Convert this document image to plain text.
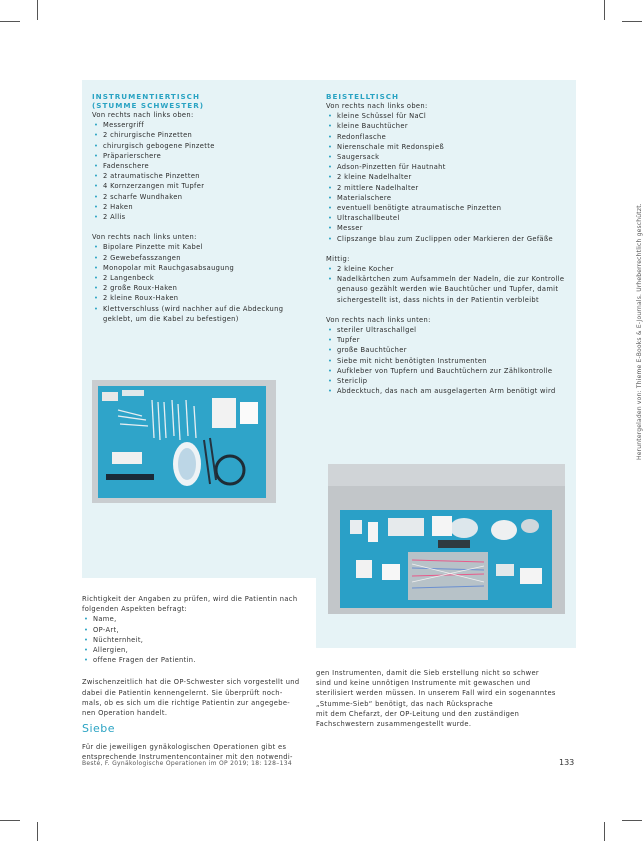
INSTRUMENTIERTISCH
(STUMME SCHWESTER)
Von rechts nach links oben:
• Messergriff
• 2 chirurgische Pinzetten
• chirurgisch gebogene Pinzette
• Präparierschere
• Fadenschere
• 2 atraumatische Pinzetten
• 4 Kornzerzangen mit Tupfer
• 2 scharfe Wundhaken
• 2 Haken
• 2 Allis
Von rechts nach links unten:
• Bipolare Pinzette mit Kabel
• 2 Gewebefasszangen
• Monopolar mit Rauchgasabsaugung
• 2 Langenbeck
• 2 große Roux-Haken
• 2 kleine Roux-Haken
• Klettverschluss (wird nachher auf die Abdeckung geklebt, um die Kabel zu befestigen)
BEISTELLTISCH
Von rechts nach links oben:
• kleine Schüssel für NaCl
• kleine Bauchtücher
• Redonflasche
• Nierenschale mit Redonspieß
• Saugersack
• Adson-Pinzetten für Hautnaht
• 2 kleine Nadelhalter
• 2 mittlere Nadelhalter
• Materialschere
• eventuell benötigte atraumatische Pinzetten
• Ultraschallbeutel
• Messer
• Clipszange blau zum Zuclippen oder Markieren der Gefäße
Mittig:
• 2 kleine Kocher
• Nadelkärtchen zum Aufsammeln der Nadeln, die zur Kontrolle genauso gezählt werden wie Bauchtücher und Tupfer, damit sichergestellt ist, dass nichts in der Patientin verbleibt
Von rechts nach links unten:
• steriler Ultraschallgel
• Tupfer
• große Bauchtücher
• Siebe mit nicht benötigten Instrumenten
• Aufkleber von Tupfern und Bauchtüchern zur Zählkontrolle
• Stericlip
• Abdecktuch, das nach am ausgelagerten Arm benötigt wird
Richtigkeit der Angaben zu prüfen, wird die Patientin nach
folgenden Aspekten befragt:
• Name,
• OP-Art,
• Nüchternheit,
• Allergien,
• offene Fragen der Patientin.
Zwischenzeitlich hat die OP-Schwester sich vorgestellt und
dabei die Patientin kennengelernt. Sie überprüft noch-
mals, ob es sich um die richtige Patientin zur angegebe-
nen Operation handelt.
Siebe
Für die jeweiligen gynäkologischen Operationen gibt es
entsprechende Instrumentencontainer mit den notwendi-
gen Instrumenten, damit die Sieb erstellung nicht so schwer
sind und keine unnötigen Instrumente mit gewaschen und
sterilisiert werden müssen. In unserem Fall wird ein sogenanntes „Stumme-Sieb“ benötigt, das nach Rücksprache
mit dem Chefarzt, der OP-Leitung und den zuständigen
Fachschwestern zusammengestellt wurde.
Heruntergeladen von: Thieme E-Books & E-Journals. Urheberrechtlich geschützt.
Beste, F. Gynäkologische Operationen im OP 2019; 18: 128–134	133
